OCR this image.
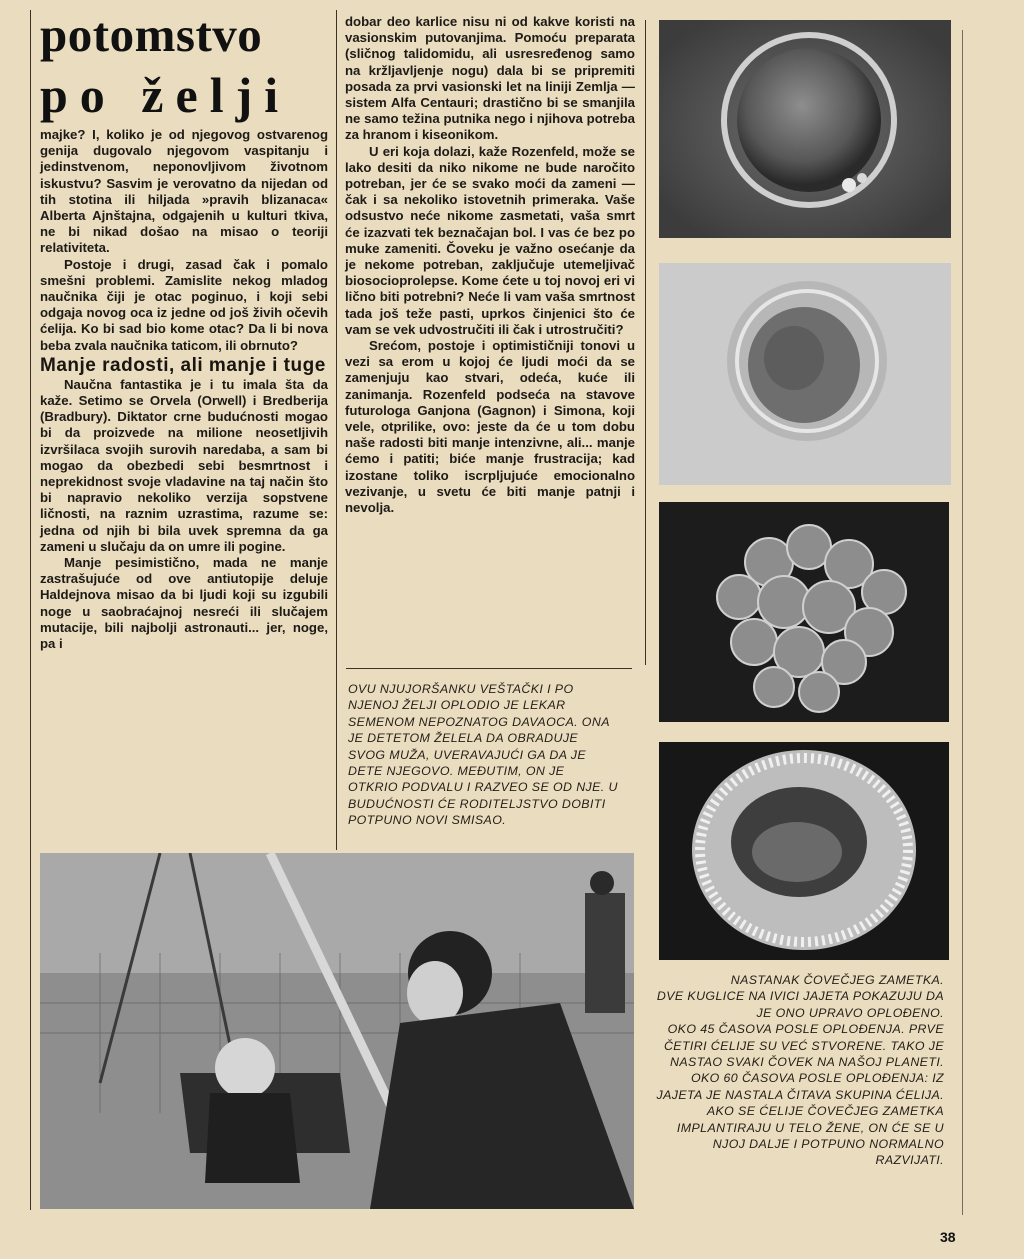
potomstvo
po želji

majke? I, koliko je od njegovog ostvarenog genija dugovalo njegovom vaspitanju i jedinstvenom, neponovljivom životnom iskustvu? Sasvim je verovatno da nijedan od tih stotina ili hiljada »pravih blizanaca« Alberta Ajnštajna, odgajenih u kulturi tkiva, ne bi nikad došao na misao o teoriji relativiteta.

Postoje i drugi, zasad čak i pomalo smešni problemi. Zamislite nekog mladog naučnika čiji je otac poginuo, i koji sebi odgaja novog oca iz jedne od još živih očevih ćelija. Ko bi sad bio kome otac? Da li bi nova beba zvala naučnika taticom, ili obrnuto?

Manje radosti, ali manje i tuge

Naučna fantastika je i tu imala šta da kaže. Setimo se Orvela (Orwell) i Bredberija (Bradbury). Diktator crne budućnosti mogao bi da proizvede na milione neosetljivih izvršilaca svojih surovih naredaba, a sam bi mogao da obezbedi sebi besmrtnost i neprekidnost svoje vladavine na taj način što bi napravio nekoliko verzija sopstvene ličnosti, na raznim uzrastima, razume se: jedna od njih bi bila uvek spremna da ga zameni u slučaju da on umre ili pogine.

Manje pesimistično, mada ne manje zastrašujuće od ove antiutopije deluje Haldejnova misao da bi ljudi koji su izgubili noge u saobraćajnoj nesreći ili slučajem mutacije, bili najbolji astronauti... jer, noge, pa i

dobar deo karlice nisu ni od kakve koristi na vasionskim putovanjima. Pomoću preparata (sličnog talidomidu, ali usresređenog samo na kržljavljenje nogu) dala bi se pripremiti posada za prvi vasionski let na liniji Zemlja — sistem Alfa Centauri; drastično bi se smanjila ne samo težina putnika nego i njihova potreba za hranom i kiseonikom.

U eri koja dolazi, kaže Rozenfeld, može se lako desiti da niko nikome ne bude naročito potreban, jer će se svako moći da zameni — čak i sa nekoliko istovetnih primeraka. Vaše odsustvo neće nikome zasmetati, vaša smrt će izazvati tek beznačajan bol. I vas će bez po muke zameniti. Čoveku je važno osećanje da je nekome potreban, zaključuje utemeljivač biosocioprolepse. Kome ćete u toj novoj eri vi lično biti potrebni? Neće li vam vaša smrtnost tada još teže pasti, uprkos činjenici što će vam se vek udvostručiti ili čak i utrostručiti?

Srećom, postoje i optimističniji tonovi u vezi sa erom u kojoj će ljudi moći da se zamenjuju kao stvari, odeća, kuće ili zanimanja. Rozenfeld podseća na stavove futurologa Ganjona (Gagnon) i Simona, koji vele, otprilike, ovo: jeste da će u tom dobu naše radosti biti manje intenzivne, ali... manje ćemo i patiti; biće manje frustracija; kad izostane toliko iscrpljujuće emocionalno vezivanje, u svetu će biti manje patnji i nevolja.

OVU NJUJORŠANKU VEŠTAČKI I PO NJENOJ ŽELJI OPLODIO JE LEKAR SEMENOM NEPOZNATOG DAVAOCA. ONA JE DETETOM ŽELELA DA OBRADUJE SVOG MUŽA, UVERAVAJUĆI GA DA JE DETE NJEGOVO. MEĐUTIM, ON JE OTKRIO PODVALU I RAZVEO SE OD NJE. U BUDUĆNOSTI ĆE RODITELJSTVO DOBITI POTPUNO NOVI SMISAO.
NASTANAK ČOVEČJEG ZAMETKA.
DVE KUGLICE NA IVICI JAJETA POKAZUJU DA JE ONO UPRAVO OPLOĐENO.
OKO 45 ČASOVA POSLE OPLOĐENJA. PRVE ČETIRI ĆELIJE SU VEĆ STVORENE. TAKO JE NASTAO SVAKI ČOVEK NA NAŠOJ PLANETI.
OKO 60 ČASOVA POSLE OPLOĐENJA: IZ JAJETA JE NASTALA ČITAVA SKUPINA ĆELIJA.
AKO SE ĆELIJE ČOVEČJEG ZAMETKA IMPLANTIRAJU U TELO ŽENE, ON ĆE SE U NJOJ DALJE I POTPUNO NORMALNO RAZVIJATI.
38
